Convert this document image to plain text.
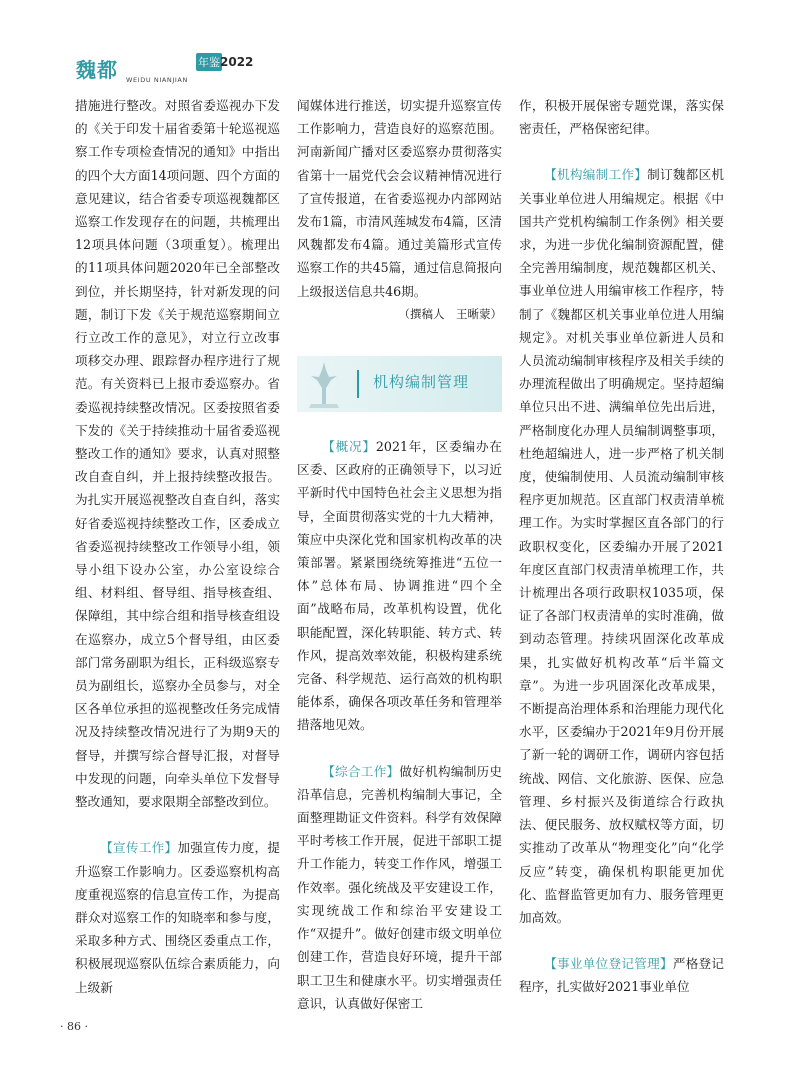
魏都	年鉴 2022
WEIDU NIANJIAN

措施进行整改。对照省委巡视办下发的《关于印发十届省委第十轮巡视巡察工作专项检查情况的通知》中指出的四个大方面14项问题、四个方面的意见建议，结合省委专项巡视魏都区巡察工作发现存在的问题，共梳理出12项具体问题（3项重复）。梳理出的11项具体问题2020年已全部整改到位，并长期坚持，针对新发现的问题，制订下发《关于规范巡察期间立行立改工作的意见》，对立行立改事项移交办理、跟踪督办程序进行了规范。有关资料已上报市委巡察办。省委巡视持续整改情况。区委按照省委下发的《关于持续推动十届省委巡视整改工作的通知》要求，认真对照整改自查自纠，并上报持续整改报告。为扎实开展巡视整改自查自纠，落实好省委巡视持续整改工作，区委成立省委巡视持续整改工作领导小组，领导小组下设办公室，办公室设综合组、材料组、督导组、指导核查组、保障组，其中综合组和指导核查组设在巡察办，成立5个督导组，由区委部门常务副职为组长，正科级巡察专员为副组长，巡察办全员参与，对全区各单位承担的巡视整改任务完成情况及持续整改情况进行了为期9天的督导，并撰写综合督导汇报，对督导中发现的问题，向牵头单位下发督导整改通知，要求限期全部整改到位。

【宣传工作】加强宣传力度，提升巡察工作影响力。区委巡察机构高度重视巡察的信息宣传工作，为提高群众对巡察工作的知晓率和参与度，采取多种方式、围绕区委重点工作，积极展现巡察队伍综合素质能力，向上级新

闻媒体进行推送，切实提升巡察宣传工作影响力，营造良好的巡察范围。河南新闻广播对区委巡察办贯彻落实省第十一届党代会会议精神情况进行了宣传报道，在省委巡视办内部网站发布1篇，市清风莲城发布4篇，区清风魏都发布4篇。通过美篇形式宣传巡察工作的共45篇，通过信息简报向上级报送信息共46期。

（撰稿人　王晰蒙）

机构编制管理

【概况】2021年，区委编办在区委、区政府的正确领导下，以习近平新时代中国特色社会主义思想为指导，全面贯彻落实党的十九大精神，策应中央深化党和国家机构改革的决策部署。紧紧围绕统筹推进“五位一体”总体布局、协调推进“四个全面”战略布局，改革机构设置，优化职能配置，深化转职能、转方式、转作风，提高效率效能，积极构建系统完备、科学规范、运行高效的机构职能体系，确保各项改革任务和管理举措落地见效。

【综合工作】做好机构编制历史沿革信息，完善机构编制大事记，全面整理勘证文件资料。科学有效保障平时考核工作开展，促进干部职工提升工作能力，转变工作作风，增强工作效率。强化统战及平安建设工作，实现统战工作和综治平安建设工作“双提升”。做好创建市级文明单位创建工作，营造良好环境，提升干部职工卫生和健康水平。切实增强责任意识，认真做好保密工

作，积极开展保密专题党课，落实保密责任，严格保密纪律。

【机构编制工作】制订魏都区机关事业单位进人用编规定。根据《中国共产党机构编制工作条例》相关要求，为进一步优化编制资源配置，健全完善用编制度，规范魏都区机关、事业单位进人用编审核工作程序，特制了《魏都区机关事业单位进人用编规定》。对机关事业单位新进人员和人员流动编制审核程序及相关手续的办理流程做出了明确规定。坚持超编单位只出不进、满编单位先出后进，严格制度化办理人员编制调整事项，杜绝超编进人，进一步严格了机关制度，使编制使用、人员流动编制审核程序更加规范。区直部门权责清单梳理工作。为实时掌握区直各部门的行政职权变化，区委编办开展了2021年度区直部门权责清单梳理工作，共计梳理出各项行政职权1035项，保证了各部门权责清单的实时准确，做到动态管理。持续巩固深化改革成果，扎实做好机构改革“后半篇文章”。为进一步巩固深化改革成果，不断提高治理体系和治理能力现代化水平，区委编办于2021年9月份开展了新一轮的调研工作，调研内容包括统战、网信、文化旅游、医保、应急管理、乡村振兴及街道综合行政执法、便民服务、放权赋权等方面，切实推动了改革从“物理变化”向“化学反应”转变，确保机构职能更加优化、监督监管更加有力、服务管理更加高效。

【事业单位登记管理】严格登记程序，扎实做好2021事业单位

· 86 ·
